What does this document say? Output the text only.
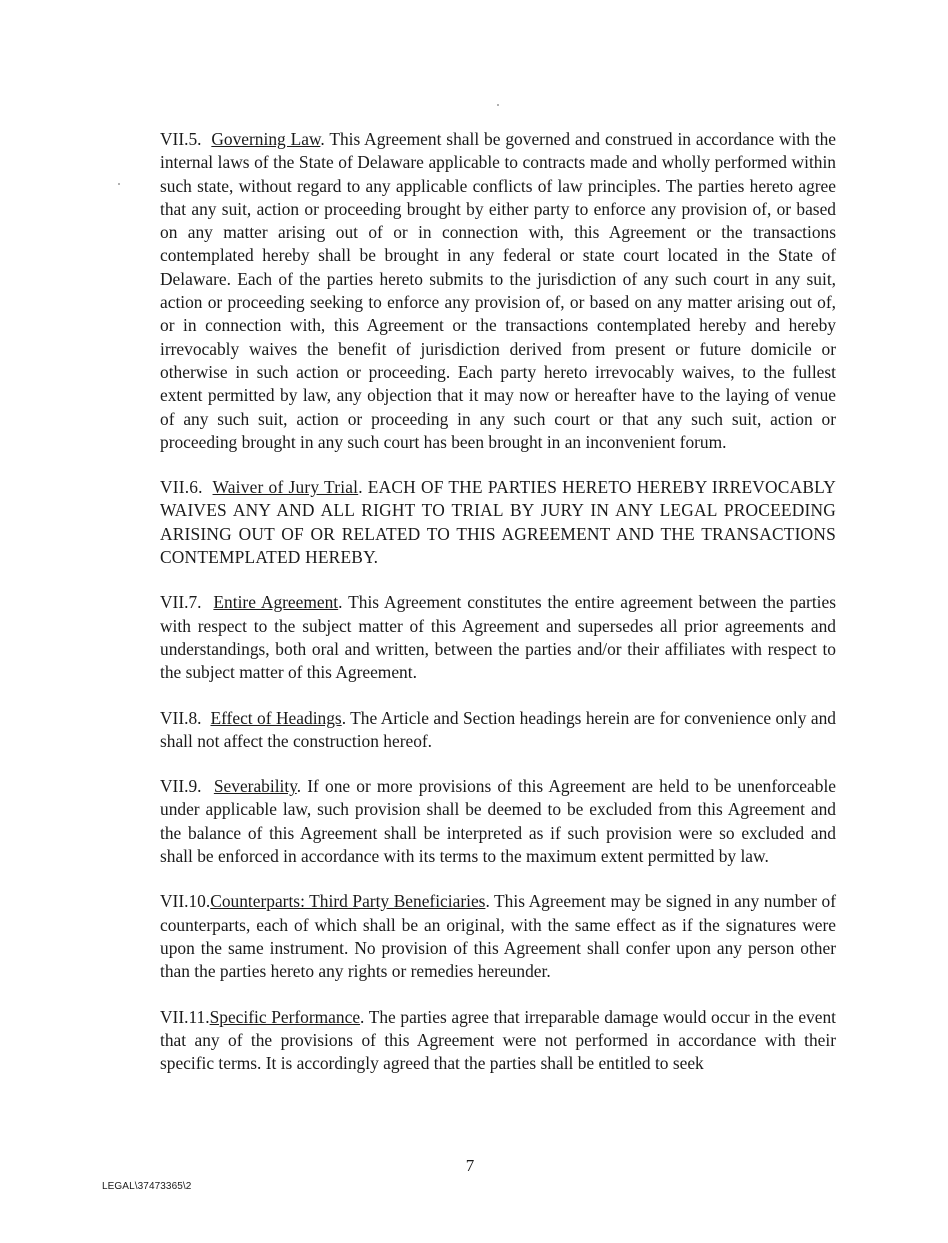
VII.5. Governing Law. This Agreement shall be governed and construed in accordance with the internal laws of the State of Delaware applicable to contracts made and wholly performed within such state, without regard to any applicable conflicts of law principles. The parties hereto agree that any suit, action or proceeding brought by either party to enforce any provision of, or based on any matter arising out of or in connection with, this Agreement or the transactions contemplated hereby shall be brought in any federal or state court located in the State of Delaware. Each of the parties hereto submits to the jurisdiction of any such court in any suit, action or proceeding seeking to enforce any provision of, or based on any matter arising out of, or in connection with, this Agreement or the transactions contemplated hereby and hereby irrevocably waives the benefit of jurisdiction derived from present or future domicile or otherwise in such action or proceeding. Each party hereto irrevocably waives, to the fullest extent permitted by law, any objection that it may now or hereafter have to the laying of venue of any such suit, action or proceeding in any such court or that any such suit, action or proceeding brought in any such court has been brought in an inconvenient forum.

VII.6. Waiver of Jury Trial. EACH OF THE PARTIES HERETO HEREBY IRREVOCABLY WAIVES ANY AND ALL RIGHT TO TRIAL BY JURY IN ANY LEGAL PROCEEDING ARISING OUT OF OR RELATED TO THIS AGREEMENT AND THE TRANSACTIONS CONTEMPLATED HEREBY.

VII.7. Entire Agreement. This Agreement constitutes the entire agreement between the parties with respect to the subject matter of this Agreement and supersedes all prior agreements and understandings, both oral and written, between the parties and/or their affiliates with respect to the subject matter of this Agreement.

VII.8. Effect of Headings. The Article and Section headings herein are for convenience only and shall not affect the construction hereof.

VII.9. Severability. If one or more provisions of this Agreement are held to be unenforceable under applicable law, such provision shall be deemed to be excluded from this Agreement and the balance of this Agreement shall be interpreted as if such provision were so excluded and shall be enforced in accordance with its terms to the maximum extent permitted by law.

VII.10.Counterparts: Third Party Beneficiaries. This Agreement may be signed in any number of counterparts, each of which shall be an original, with the same effect as if the signatures were upon the same instrument. No provision of this Agreement shall confer upon any person other than the parties hereto any rights or remedies hereunder.

VII.11.Specific Performance. The parties agree that irreparable damage would occur in the event that any of the provisions of this Agreement were not performed in accordance with their specific terms. It is accordingly agreed that the parties shall be entitled to seek

7
LEGAL\37473365\2
